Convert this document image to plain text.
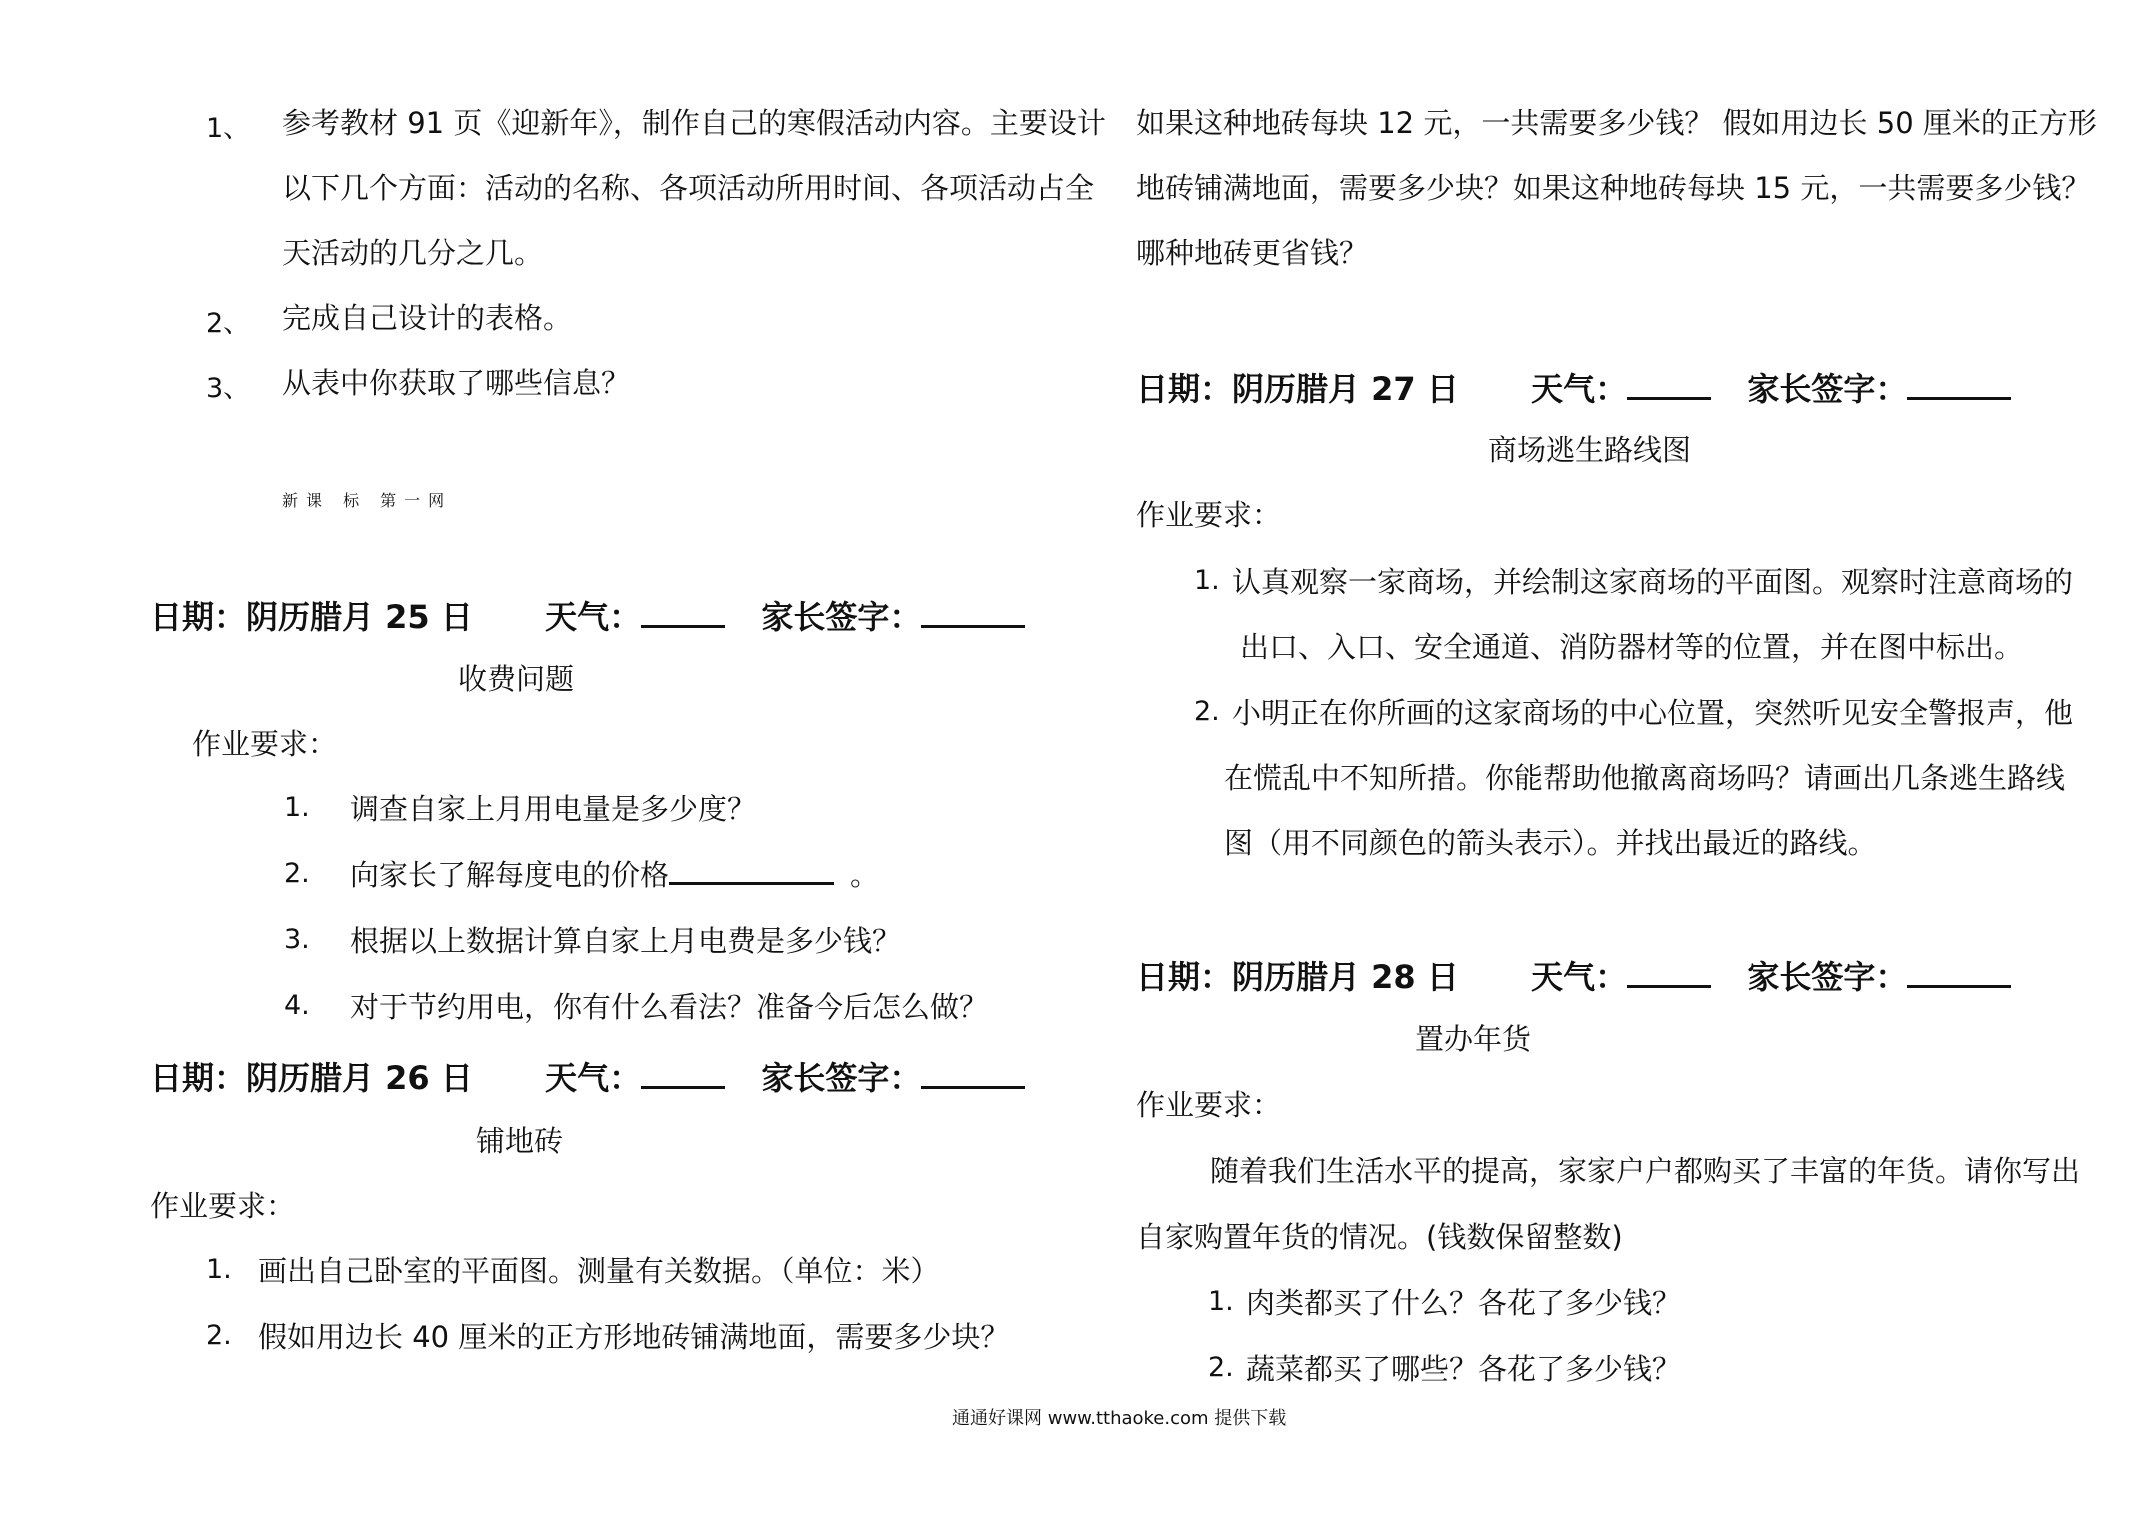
1、 参考教材 91 页《迎新年》，制作自己的寒假活动内容。主要设计
以下几个方面：活动的名称、各项活动所用时间、各项活动占全
天活动的几分之几。
2、 完成自己设计的表格。
3、 从表中你获取了哪些信息？
新课 标 第一网
日期：阴历腊月 25 日 天气：	家长签字：
收费问题
作业要求：
1. 调查自家上月用电量是多少度？
2. 向家长了解每度电的价格	。
3. 根据以上数据计算自家上月电费是多少钱？
4. 对于节约用电，你有什么看法？准备今后怎么做？
日期：阴历腊月 26 日 天气：	家长签字：
铺地砖
作业要求：
1. 画出自己卧室的平面图。测量有关数据。（单位：米）
2. 假如用边长 40 厘米的正方形地砖铺满地面，需要多少块？
如果这种地砖每块 12 元，一共需要多少钱？ 假如用边长 50 厘米的正方形
地砖铺满地面，需要多少块？如果这种地砖每块 15 元，一共需要多少钱？
哪种地砖更省钱？
日期：阴历腊月 27 日 天气：	家长签字：
商场逃生路线图
作业要求：
1. 认真观察一家商场，并绘制这家商场的平面图。观察时注意商场的
出口、入口、安全通道、消防器材等的位置，并在图中标出。
2. 小明正在你所画的这家商场的中心位置，突然听见安全警报声，他
在慌乱中不知所措。你能帮助他撤离商场吗？请画出几条逃生路线
图（用不同颜色的箭头表示）。并找出最近的路线。
日期：阴历腊月 28 日 天气：	家长签字：
置办年货
作业要求：
随着我们生活水平的提高，家家户户都购买了丰富的年货。请你写出
自家购置年货的情况。(钱数保留整数)
1. 肉类都买了什么？各花了多少钱？
2. 蔬菜都买了哪些？各花了多少钱？
通通好课网 www.tthaoke.com 提供下载
